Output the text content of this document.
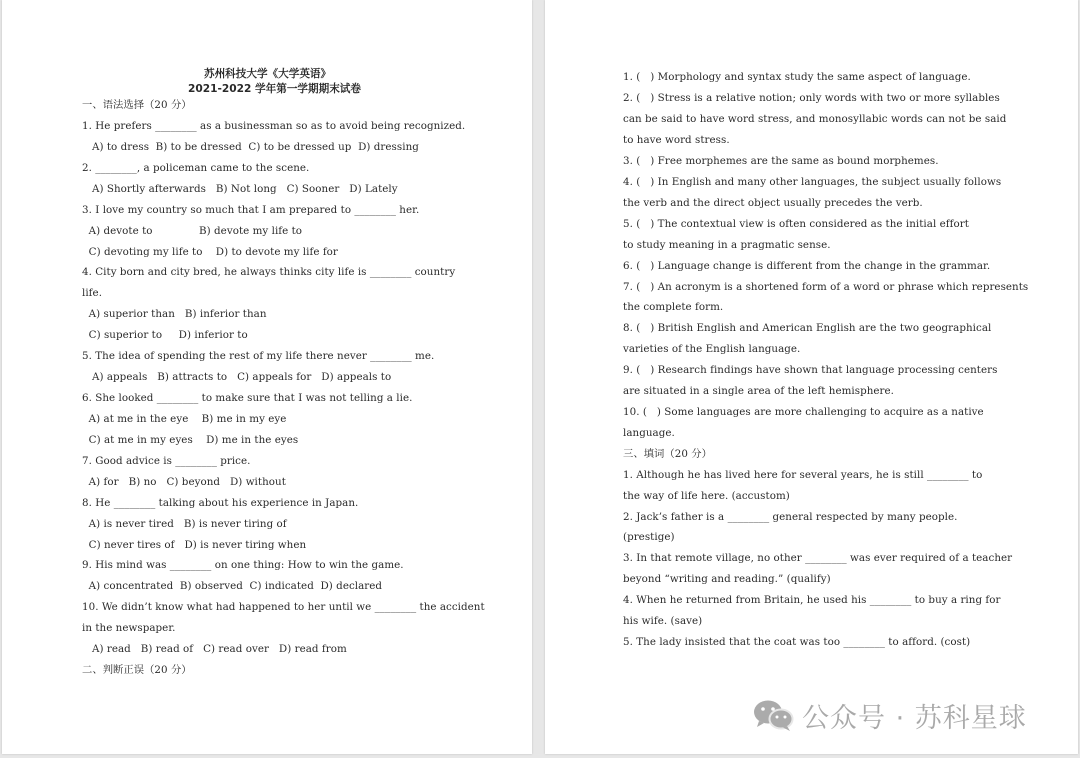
苏州科技大学《大学英语》
2021-2022 学年第一学期期末试卷
一、语法选择（20 分）
1. He prefers ________ as a businessman so as to avoid being recognized.
A) to dress  B) to be dressed  C) to be dressed up  D) dressing
2. ________, a policeman came to the scene.
A) Shortly afterwards   B) Not long   C) Sooner   D) Lately
3. I love my country so much that I am prepared to ________ her.
A) devote to              B) devote my life to
C) devoting my life to    D) to devote my life for
4. City born and city bred, he always thinks city life is ________ country
life.
A) superior than   B) inferior than
C) superior to     D) inferior to
5. The idea of spending the rest of my life there never ________ me.
A) appeals   B) attracts to   C) appeals for   D) appeals to
6. She looked ________ to make sure that I was not telling a lie.
A) at me in the eye    B) me in my eye
C) at me in my eyes    D) me in the eyes
7. Good advice is ________ price.
A) for   B) no   C) beyond   D) without
8. He ________ talking about his experience in Japan.
A) is never tired   B) is never tiring of
C) never tires of   D) is never tiring when
9. His mind was ________ on one thing: How to win the game.
A) concentrated  B) observed  C) indicated  D) declared
10. We didn’t know what had happened to her until we ________ the accident
in the newspaper.
A) read   B) read of   C) read over   D) read from
二、判断正误（20 分）
1. (   ) Morphology and syntax study the same aspect of language.
2. (   ) Stress is a relative notion; only words with two or more syllables
can be said to have word stress, and monosyllabic words can not be said
to have word stress.
3. (   ) Free morphemes are the same as bound morphemes.
4. (   ) In English and many other languages, the subject usually follows
the verb and the direct object usually precedes the verb.
5. (   ) The contextual view is often considered as the initial effort
to study meaning in a pragmatic sense.
6. (   ) Language change is different from the change in the grammar.
7. (   ) An acronym is a shortened form of a word or phrase which represents
the complete form.
8. (   ) British English and American English are the two geographical
varieties of the English language.
9. (   ) Research findings have shown that language processing centers
are situated in a single area of the left hemisphere.
10. (   ) Some languages are more challenging to acquire as a native
language.
三、填词（20 分）
1. Although he has lived here for several years, he is still ________ to
the way of life here. (accustom)
2. Jack’s father is a ________ general respected by many people.
(prestige)
3. In that remote village, no other ________ was ever required of a teacher
beyond “writing and reading.” (qualify)
4. When he returned from Britain, he used his ________ to buy a ring for
his wife. (save)
5. The lady insisted that the coat was too ________ to afford. (cost)
公众号 · 苏科星球
